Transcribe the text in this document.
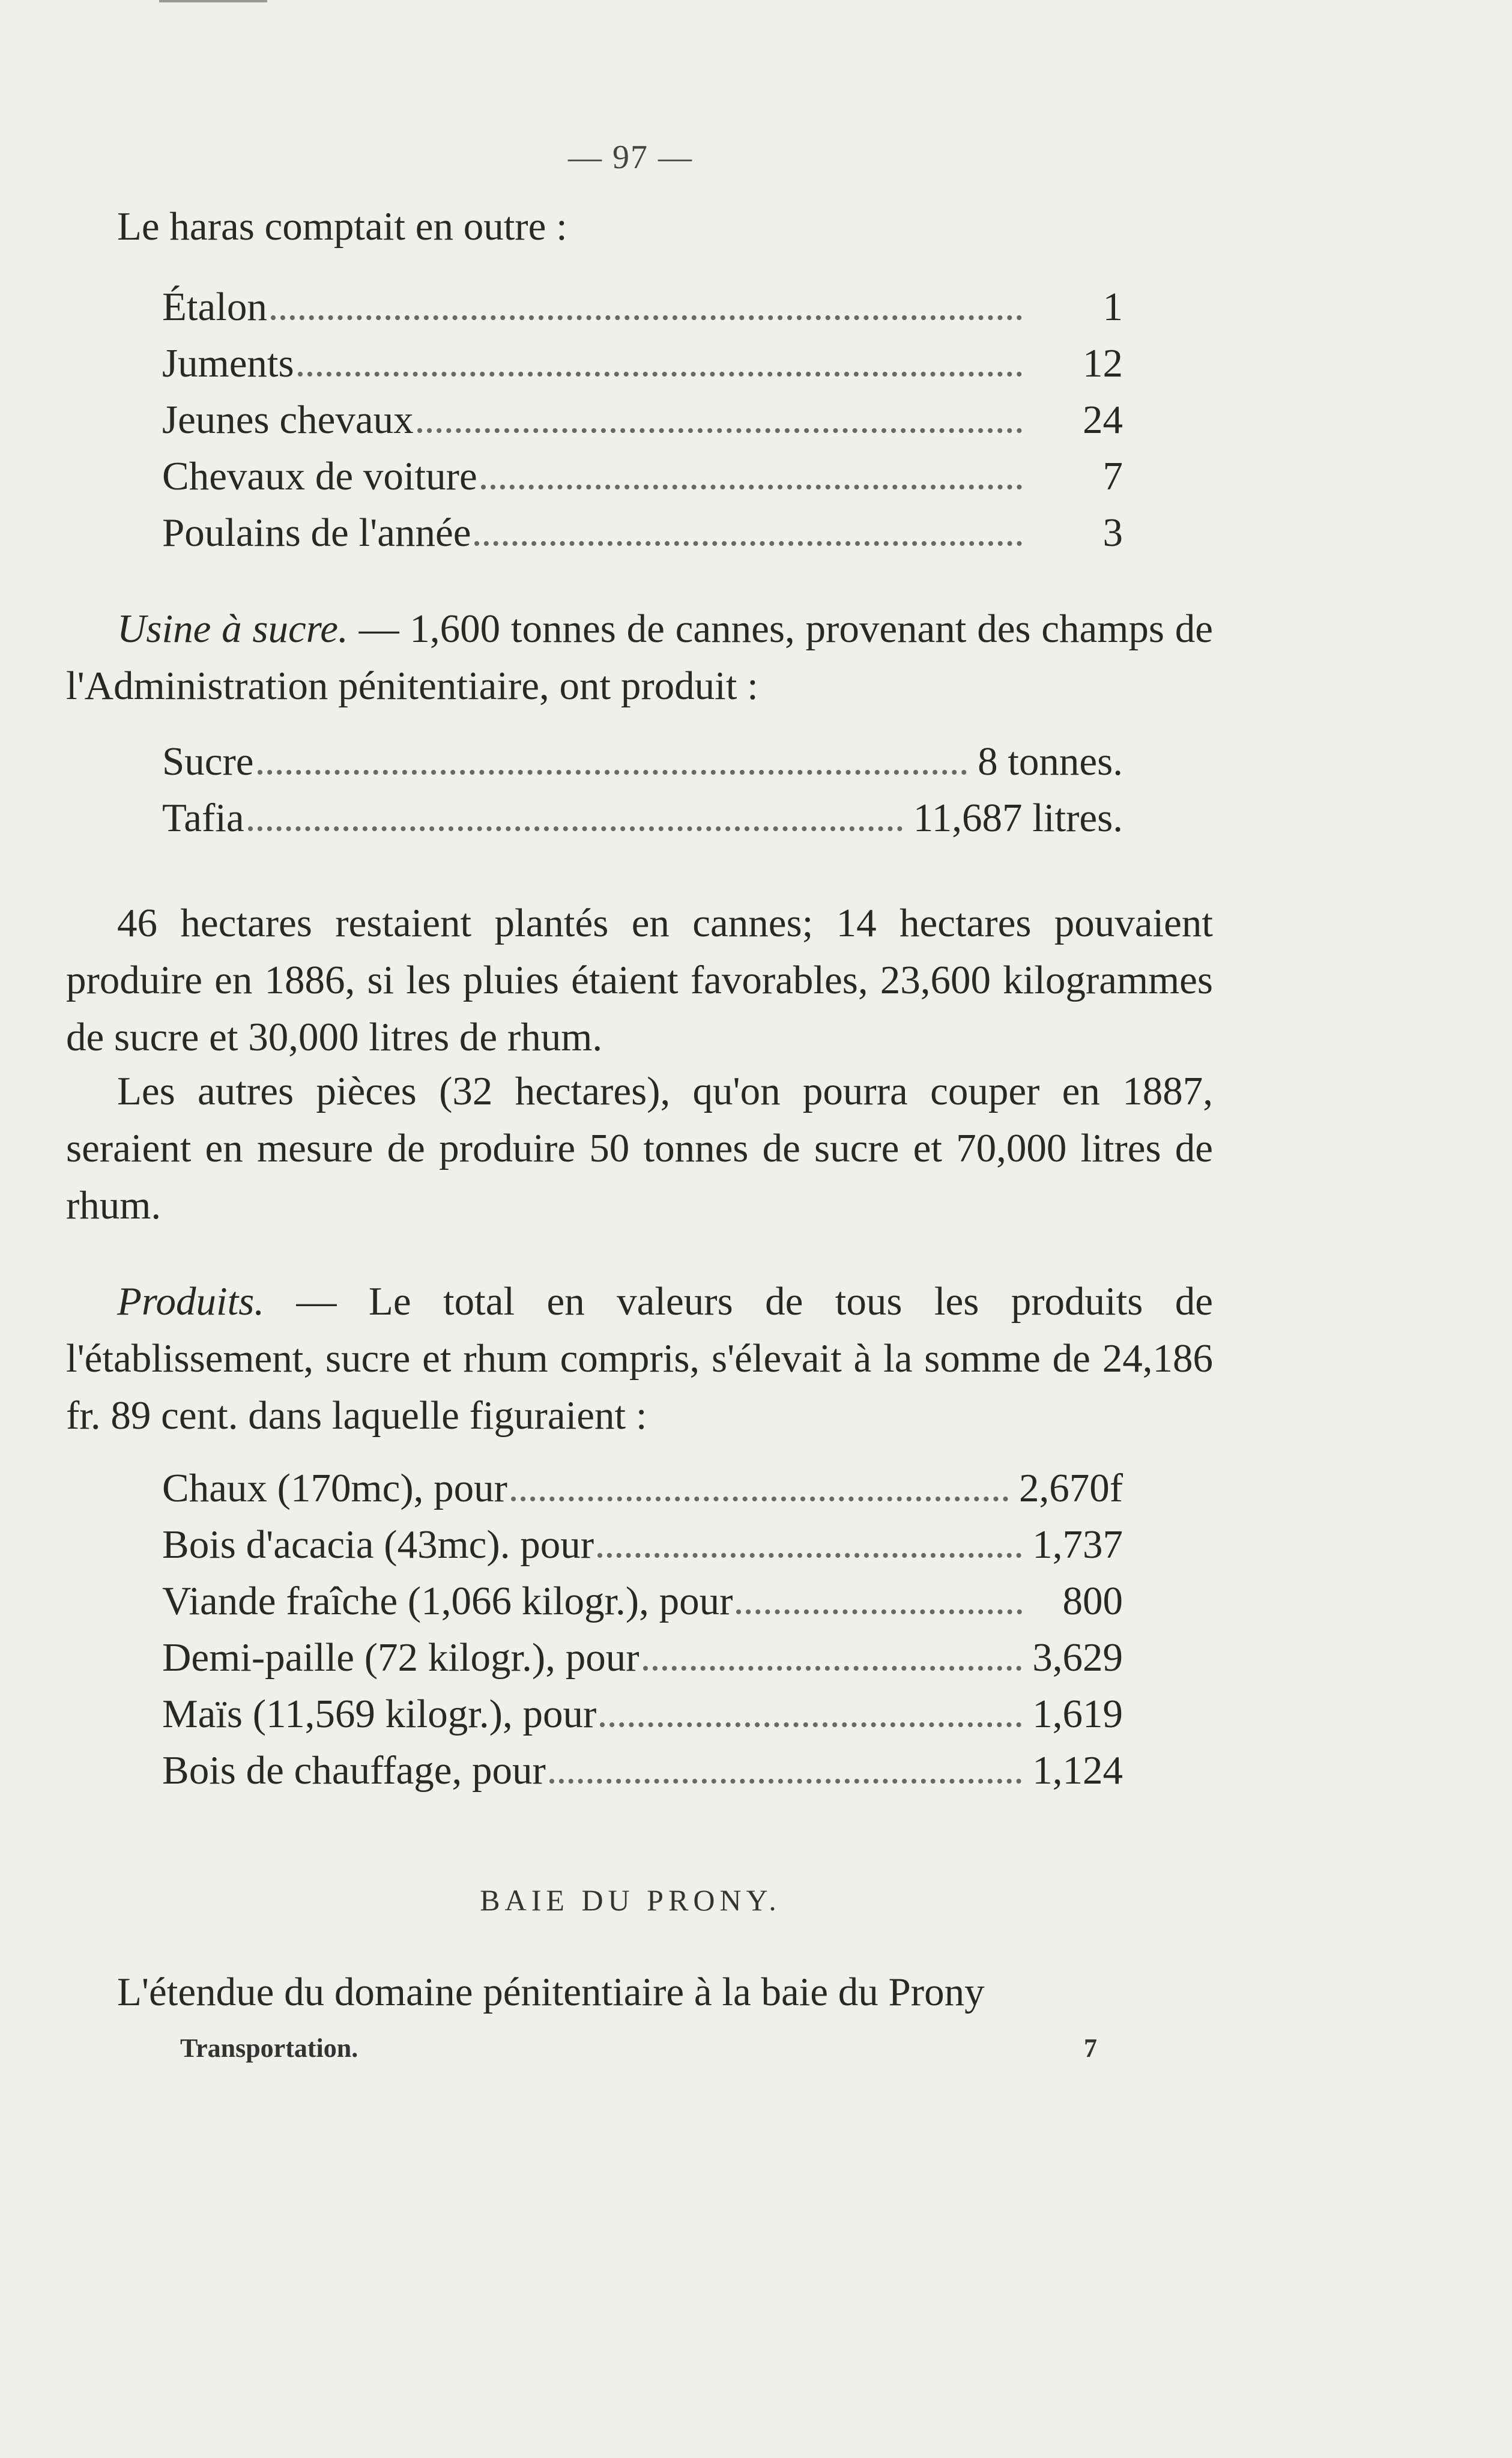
— 97 —

Le haras comptait en outre :

Étalon	1
Juments	12
Jeunes chevaux	24
Chevaux de voiture	7
Poulains de l'année	3

Usine à sucre. — 1,600 tonnes de cannes, provenant des champs de l'Administration pénitentiaire, ont produit :

Sucre	8 tonnes.
Tafia	11,687 litres.

46 hectares restaient plantés en cannes; 14 hectares pouvaient produire en 1886, si les pluies étaient favorables, 23,600 kilogrammes de sucre et 30,000 litres de rhum.

Les autres pièces (32 hectares), qu'on pourra couper en 1887, seraient en mesure de produire 50 tonnes de sucre et 70,000 litres de rhum.

Produits. — Le total en valeurs de tous les produits de l'établissement, sucre et rhum compris, s'élevait à la somme de 24,186 fr. 89 cent. dans laquelle figuraient :

Chaux (170mc), pour	2,670f
Bois d'acacia (43mc). pour	1,737
Viande fraîche (1,066 kilogr.), pour	800
Demi-paille (72 kilogr.), pour	3,629
Maïs (11,569 kilogr.), pour	1,619
Bois de chauffage, pour	1,124
BAIE DU PRONY.

L'étendue du domaine pénitentiaire à la baie du Prony

Transportation.	7
